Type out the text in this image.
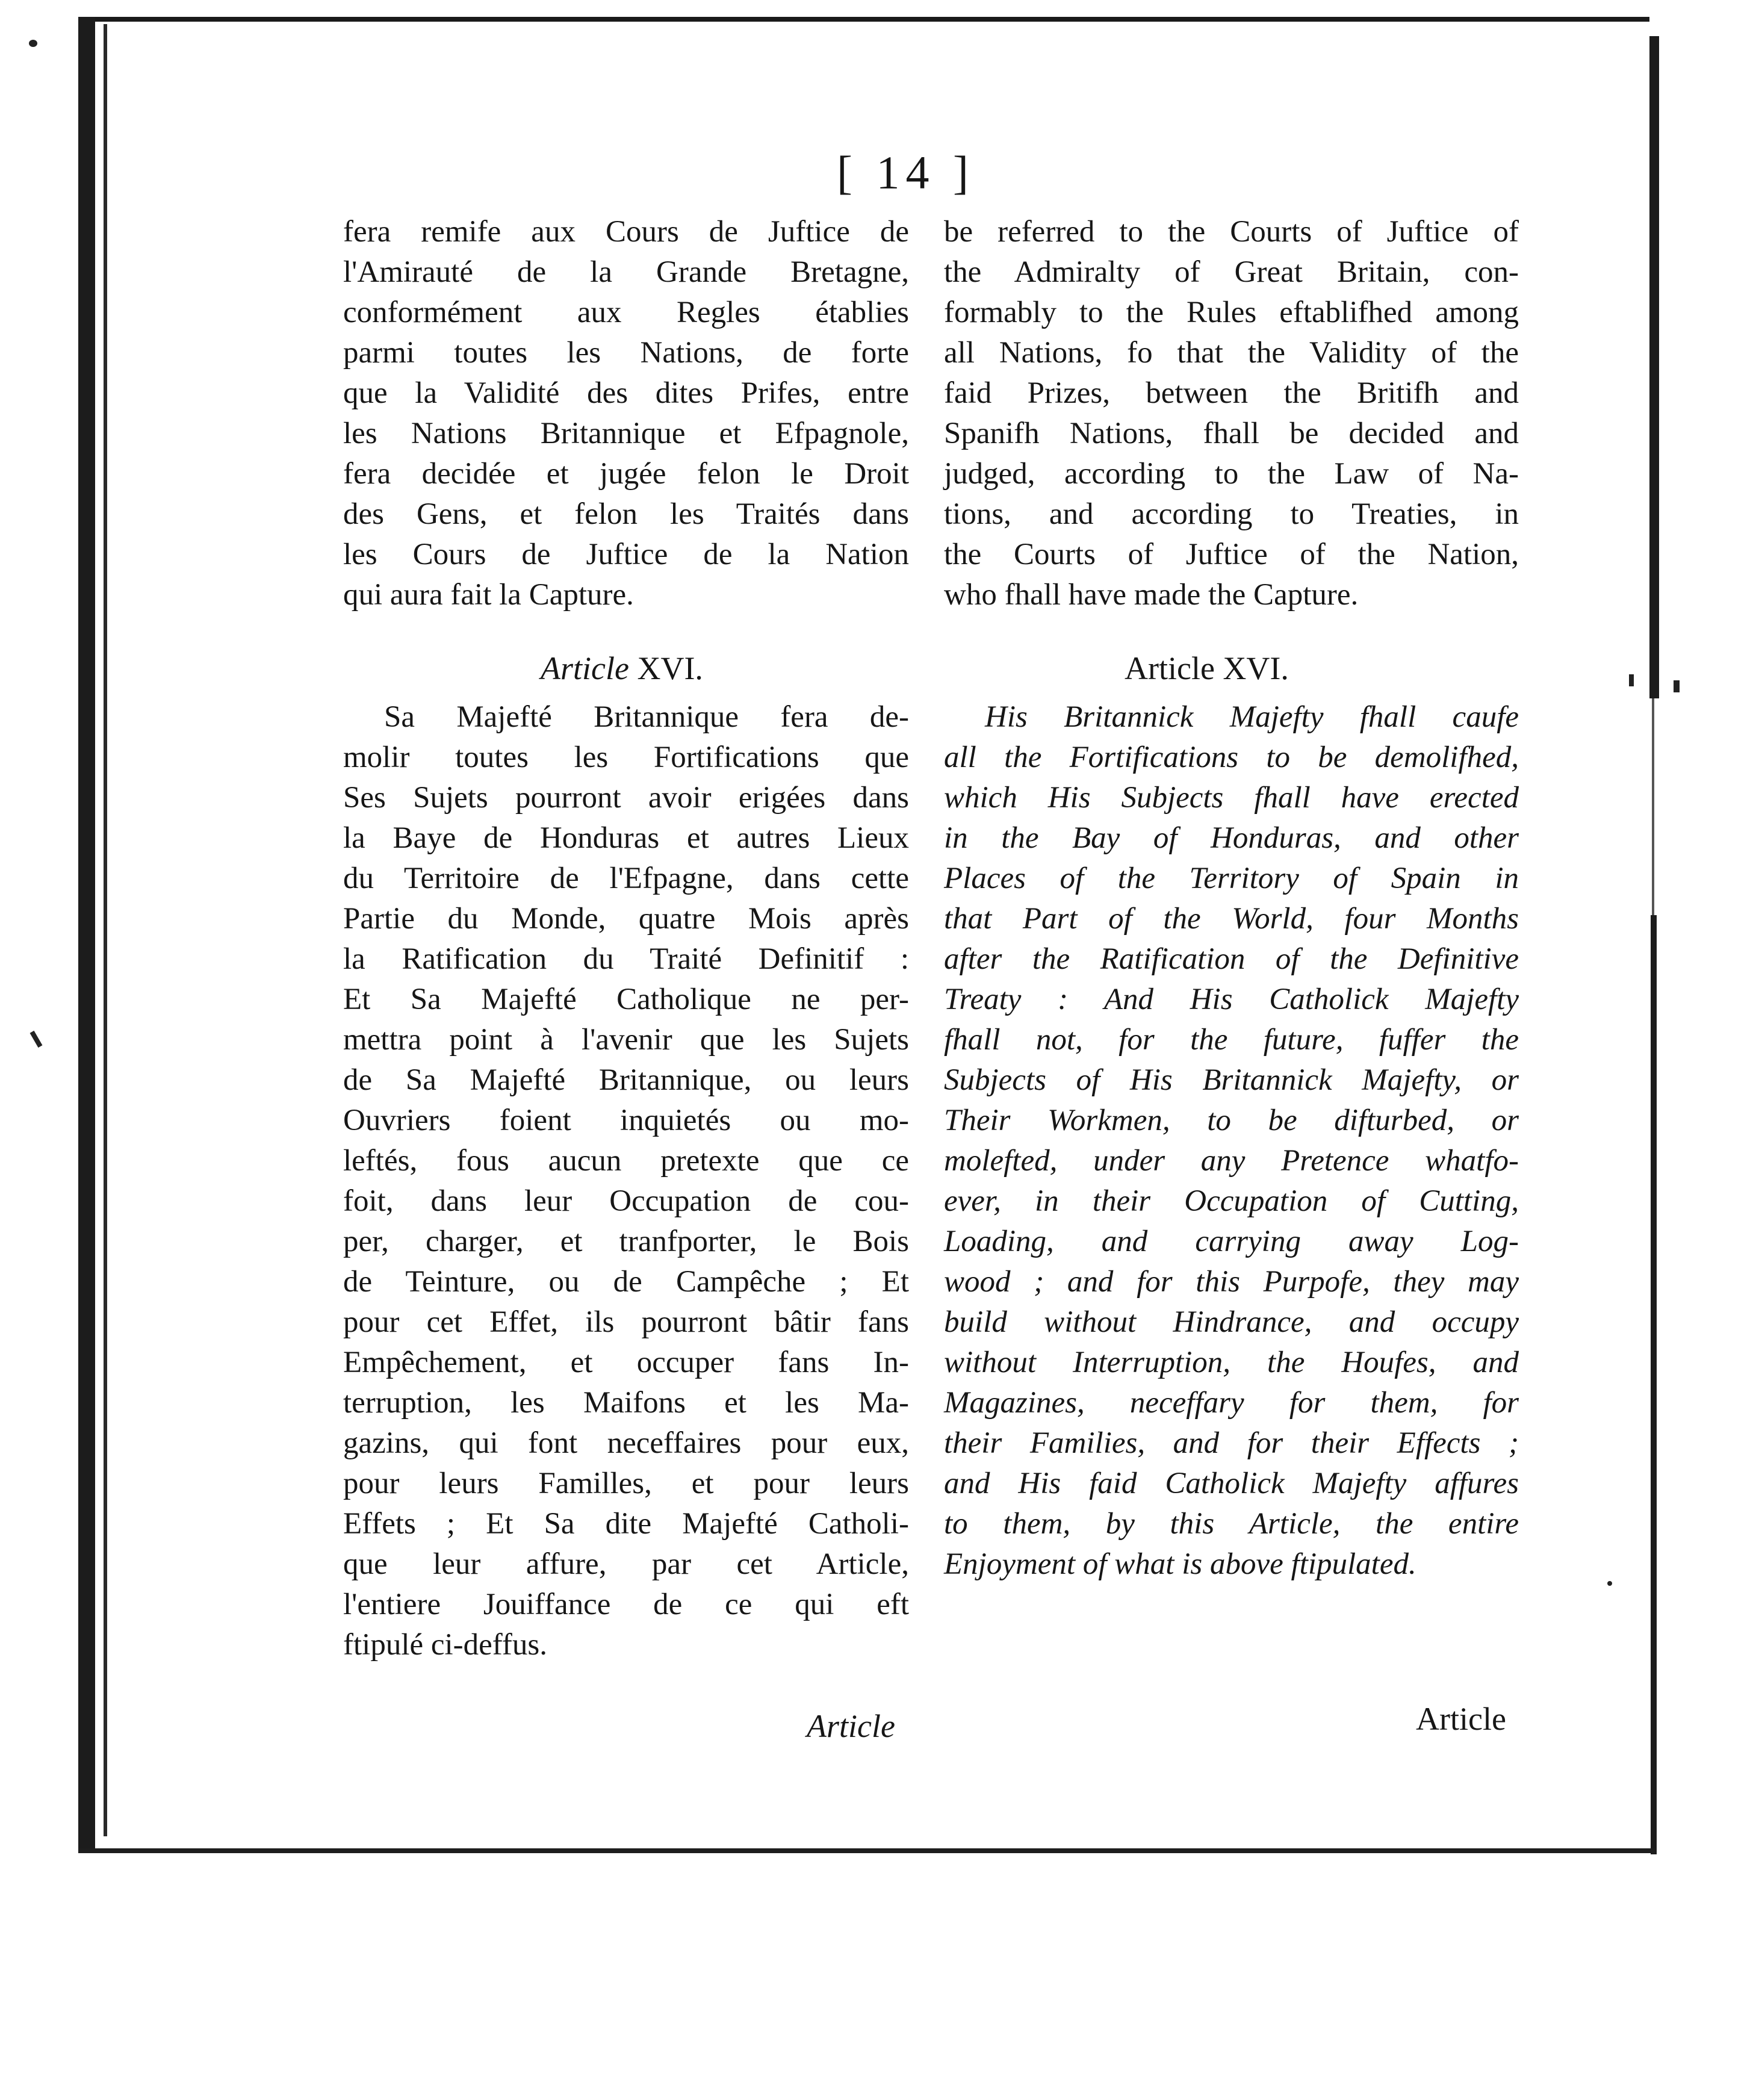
[ 14 ]
fera remife aux Cours de Juftice de
l'Amirauté de la Grande Bretagne,
conformément aux Regles établies
parmi toutes les Nations, de forte
que la Validité des dites Prifes, entre
les Nations Britannique et Efpagnole,
fera decidée et jugée felon le Droit
des Gens, et felon les Traités dans
les Cours de Juftice de la Nation
qui aura fait la Capture.
Article XVI.
Sa Majefté Britannique fera de-
molir toutes les Fortifications que
Ses Sujets pourront avoir erigées dans
la Baye de Honduras et autres Lieux
du Territoire de l'Efpagne, dans cette
Partie du Monde, quatre Mois après
la Ratification du Traité Definitif :
Et Sa Majefté Catholique ne per-
mettra point à l'avenir que les Sujets
de Sa Majefté Britannique, ou leurs
Ouvriers foient inquietés ou mo-
leftés, fous aucun pretexte que ce
foit, dans leur Occupation de cou-
per, charger, et tranfporter, le Bois
de Teinture, ou de Campêche ; Et
pour cet Effet, ils pourront bâtir fans
Empêchement, et occuper fans In-
terruption, les Maifons et les Ma-
gazins, qui font neceffaires pour eux,
pour leurs Familles, et pour leurs
Effets ; Et Sa dite Majefté Catholi-
que leur affure, par cet Article,
l'entiere Jouiffance de ce qui eft
ftipulé ci-deffus.
be referred to the Courts of Juftice of
the Admiralty of Great Britain, con-
formably to the Rules eftablifhed among
all Nations, fo that the Validity of the
faid Prizes, between the Britifh and
Spanifh Nations, fhall be decided and
judged, according to the Law of Na-
tions, and according to Treaties, in
the Courts of Juftice of the Nation,
who fhall have made the Capture.
Article XVI.
His Britannick Majefty fhall caufe
all the Fortifications to be demolifhed,
which His Subjects fhall have erected
in the Bay of Honduras, and other
Places of the Territory of Spain in
that Part of the World, four Months
after the Ratification of the Definitive
Treaty : And His Catholick Majefty
fhall not, for the future, fuffer the
Subjects of His Britannick Majefty, or
Their Workmen, to be difturbed, or
molefted, under any Pretence whatfo-
ever, in their Occupation of Cutting,
Loading, and carrying away Log-
wood ; and for this Purpofe, they may
build without Hindrance, and occupy
without Interruption, the Houfes, and
Magazines, neceffary for them, for
their Families, and for their Effects ;
and His faid Catholick Majefty affures
to them, by this Article, the entire
Enjoyment of what is above ftipulated.
Article	Article
